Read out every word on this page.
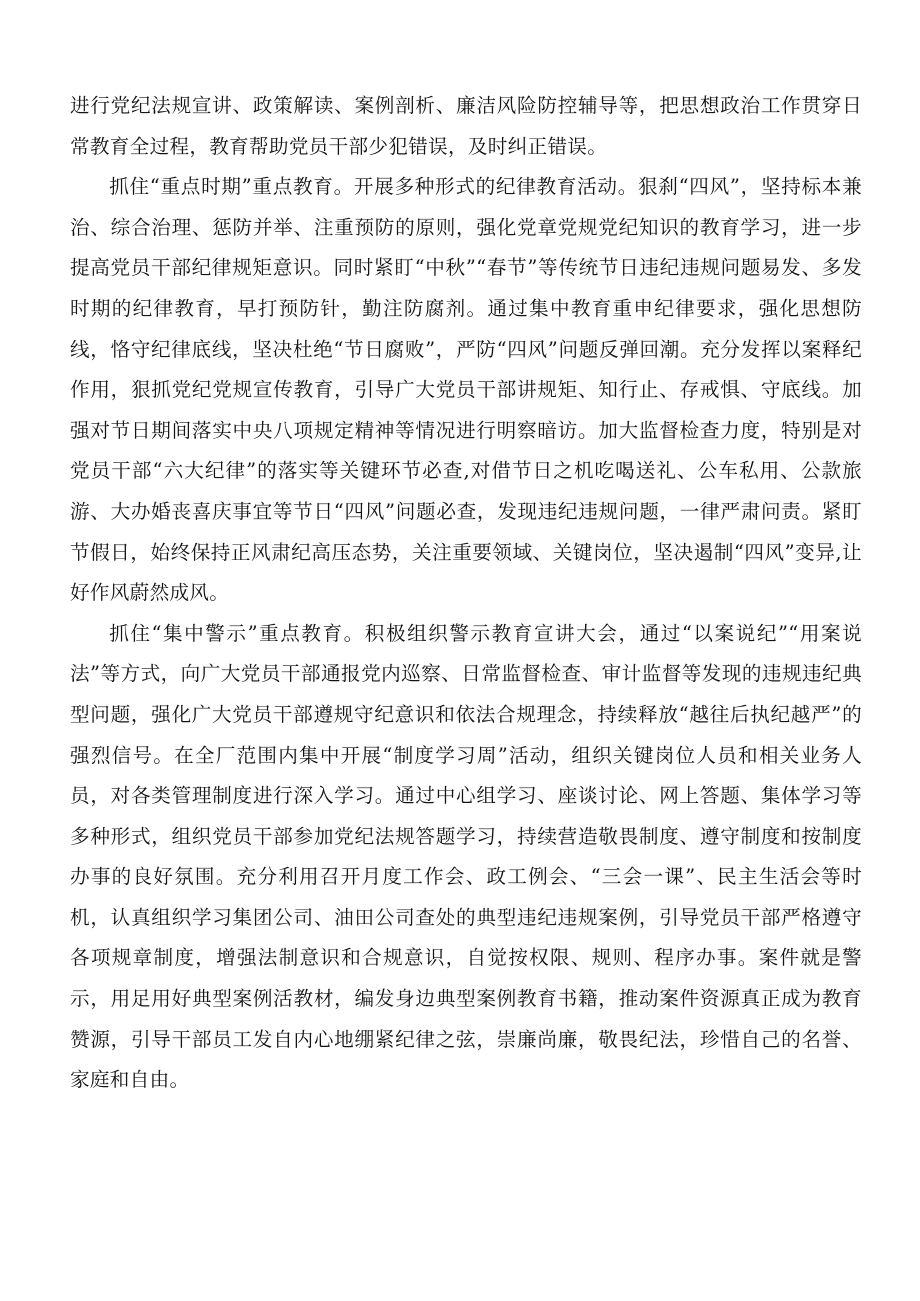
进行党纪法规宣讲、政策解读、案例剖析、廉洁风险防控辅导等，把思想政治工作贯穿日常教育全过程，教育帮助党员干部少犯错误，及时纠正错误。

抓住“重点时期”重点教育。开展多种形式的纪律教育活动。狠刹“四风”，坚持标本兼治、综合治理、惩防并举、注重预防的原则，强化党章党规党纪知识的教育学习，进一步提高党员干部纪律规矩意识。同时紧盯“中秋”“春节”等传统节日违纪违规问题易发、多发时期的纪律教育，早打预防针，勤注防腐剂。通过集中教育重申纪律要求，强化思想防线，恪守纪律底线，坚决杜绝“节日腐败”，严防“四风”问题反弹回潮。充分发挥以案释纪作用，狠抓党纪党规宣传教育，引导广大党员干部讲规矩、知行止、存戒惧、守底线。加强对节日期间落实中央八项规定精神等情况进行明察暗访。加大监督检查力度，特别是对党员干部“六大纪律”的落实等关键环节必查,对借节日之机吃喝送礼、公车私用、公款旅游、大办婚丧喜庆事宜等节日“四风”问题必查，发现违纪违规问题，一律严肃问责。紧盯节假日，始终保持正风肃纪高压态势，关注重要领域、关键岗位，坚决遏制“四风”变异,让好作风蔚然成风。

抓住“集中警示”重点教育。积极组织警示教育宣讲大会，通过“以案说纪”“用案说法”等方式，向广大党员干部通报党内巡察、日常监督检查、审计监督等发现的违规违纪典型问题，强化广大党员干部遵规守纪意识和依法合规理念，持续释放“越往后执纪越严”的强烈信号。在全厂范围内集中开展“制度学习周”活动，组织关键岗位人员和相关业务人员，对各类管理制度进行深入学习。通过中心组学习、座谈讨论、网上答题、集体学习等多种形式，组织党员干部参加党纪法规答题学习，持续营造敬畏制度、遵守制度和按制度办事的良好氛围。充分利用召开月度工作会、政工例会、“三会一课”、民主生活会等时机，认真组织学习集团公司、油田公司查处的典型违纪违规案例，引导党员干部严格遵守各项规章制度，增强法制意识和合规意识，自觉按权限、规则、程序办事。案件就是警示，用足用好典型案例活教材，编发身边典型案例教育书籍，推动案件资源真正成为教育赞源，引导干部员工发自内心地绷紧纪律之弦，崇廉尚廉，敬畏纪法，珍惜自己的名誉、家庭和自由。
